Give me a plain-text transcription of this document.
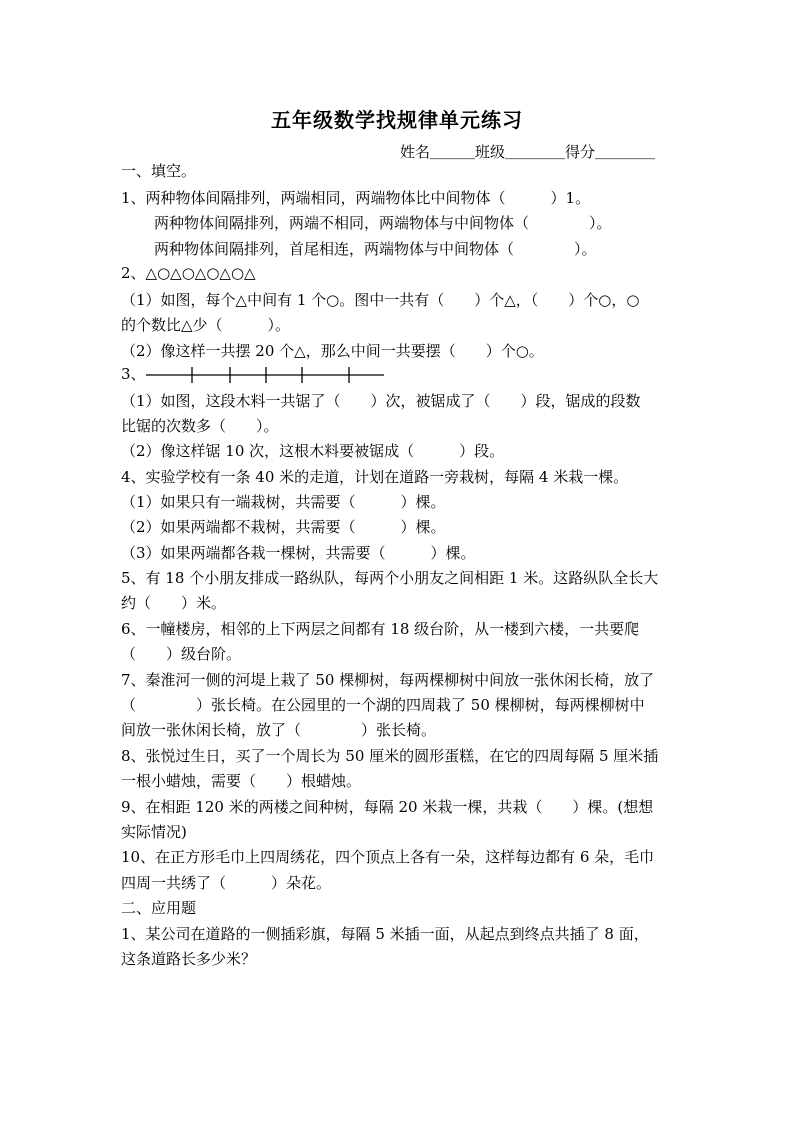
五年级数学找规律单元练习
姓名＿＿＿班级＿＿＿＿得分＿＿＿＿
一、填空。
1、两种物体间隔排列，两端相同，两端物体比中间物体（　　　）1。
两种物体间隔排列，两端不相同，两端物体与中间物体（　　　　）。
两种物体间隔排列，首尾相连，两端物体与中间物体（　　　　）。
2、△○△○△○△○△
（1）如图，每个△中间有 1 个○。图中一共有（　　）个△，（　　）个○，○
的个数比△少（　　　）。
（2）像这样一共摆 20 个△，那么中间一共要摆（　　）个○。
3、
（1）如图，这段木料一共锯了（　　）次，被锯成了（　　）段，锯成的段数
比锯的次数多（　　）。
（2）像这样锯 10 次，这根木料要被锯成（　　　）段。
4、实验学校有一条 40 米的走道，计划在道路一旁栽树，每隔 4 米栽一棵。
（1）如果只有一端栽树，共需要（　　　）棵。
（2）如果两端都不栽树，共需要（　　　）棵。
（3）如果两端都各栽一棵树，共需要（　　　）棵。
5、有 18 个小朋友排成一路纵队，每两个小朋友之间相距 1 米。这路纵队全长大
约（　　）米。
6、一幢楼房，相邻的上下两层之间都有 18 级台阶，从一楼到六楼，一共要爬
（　　）级台阶。
7、秦淮河一侧的河堤上栽了 50 棵柳树，每两棵柳树中间放一张休闲长椅，放了
（　　　　）张长椅。在公园里的一个湖的四周栽了 50 棵柳树，每两棵柳树中
间放一张休闲长椅，放了（　　　　）张长椅。
8、张悦过生日，买了一个周长为 50 厘米的圆形蛋糕，在它的四周每隔 5 厘米插
一根小蜡烛，需要（　　）根蜡烛。
9、在相距 120 米的两楼之间种树，每隔 20 米栽一棵，共栽（　　）棵。(想想
实际情况)
10、在正方形毛巾上四周绣花，四个顶点上各有一朵，这样每边都有 6 朵，毛巾
四周一共绣了（　　　）朵花。
二、应用题
1、某公司在道路的一侧插彩旗，每隔 5 米插一面，从起点到终点共插了 8 面，
这条道路长多少米？
